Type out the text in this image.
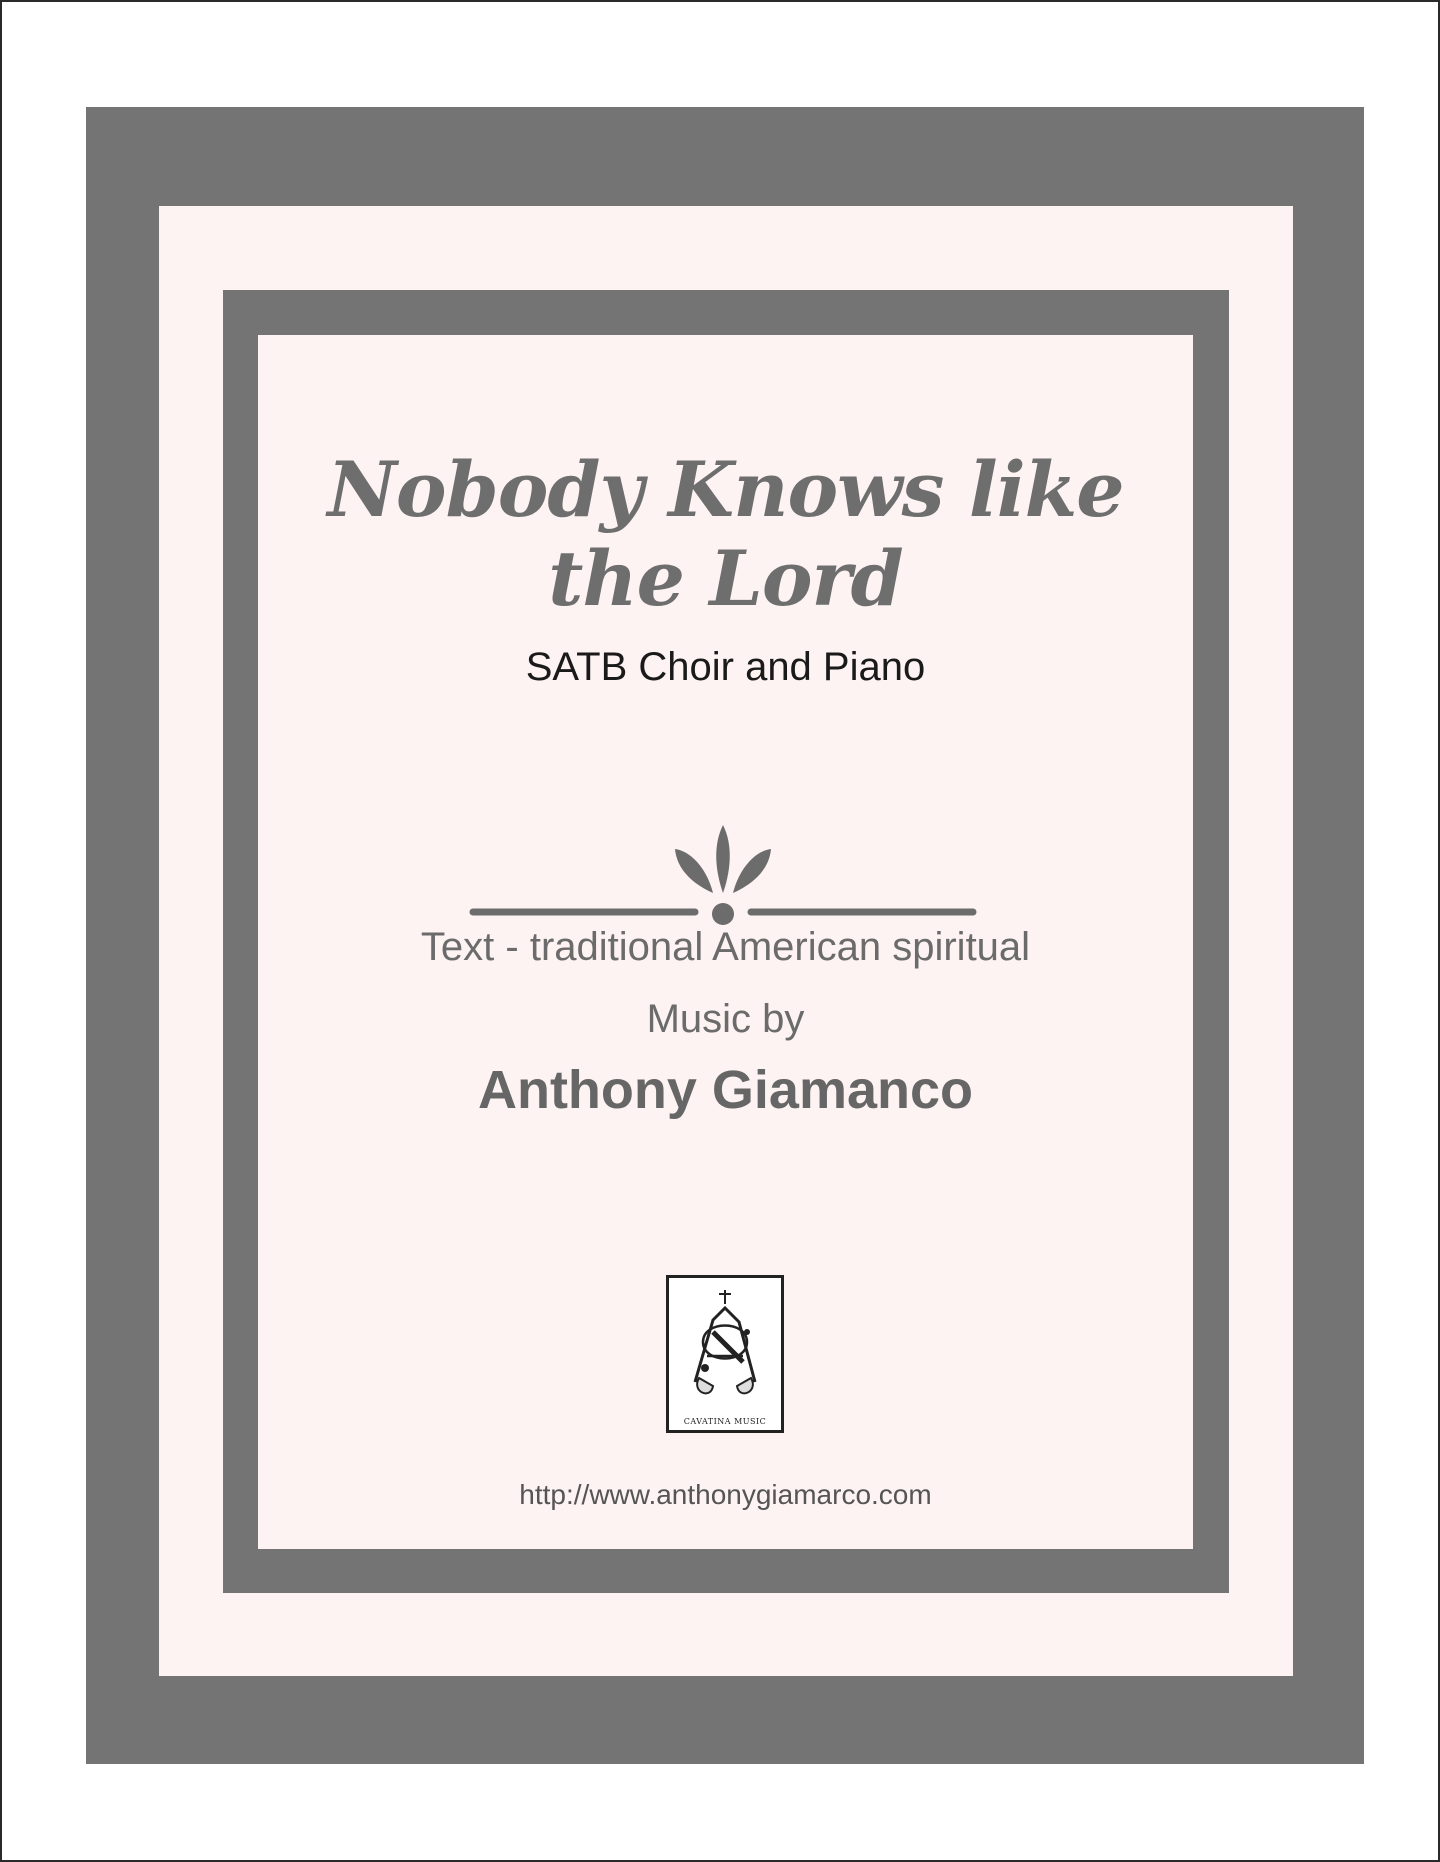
Nobody Knows like the Lord
SATB Choir and Piano
Text - traditional American spiritual
Music by
Anthony Giamanco
CAVATINA MUSIC
http://www.anthonygiamarco.com
